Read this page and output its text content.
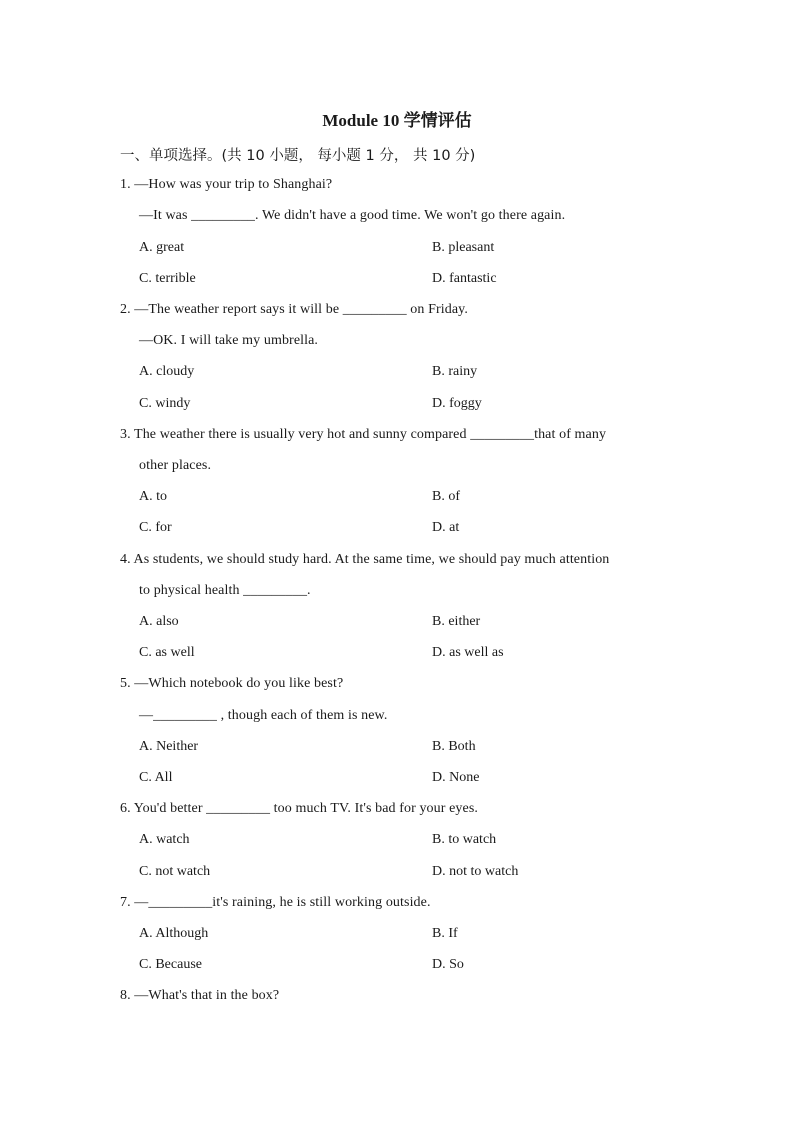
Module 10 学情评估
一、单项选择。(共 10 小题， 每小题 1 分， 共 10 分)
1. —How was your trip to Shanghai?
—It was _________. We didn't have a good time. We won't go there again.
A. great	B. pleasant
C. terrible	D. fantastic
2. —The weather report says it will be _________ on Friday.
—OK. I will take my umbrella.
A. cloudy	B. rainy
C. windy	D. foggy
3. The weather there is usually very hot and sunny compared _________that of many
other places.
A. to	B. of
C. for	D. at
4. As students, we should study hard. At the same time, we should pay much attention
to physical health _________.
A. also	B. either
C. as well	D. as well as
5. —Which notebook do you like best?
—_________ , though each of them is new.
A. Neither	B. Both
C. All	D. None
6. You'd better _________ too much TV. It's bad for your eyes.
A. watch	B. to watch
C. not watch	D. not to watch
7. —_________it's raining, he is still working outside.
A. Although	B. If
C. Because	D. So
8. —What's that in the box?
